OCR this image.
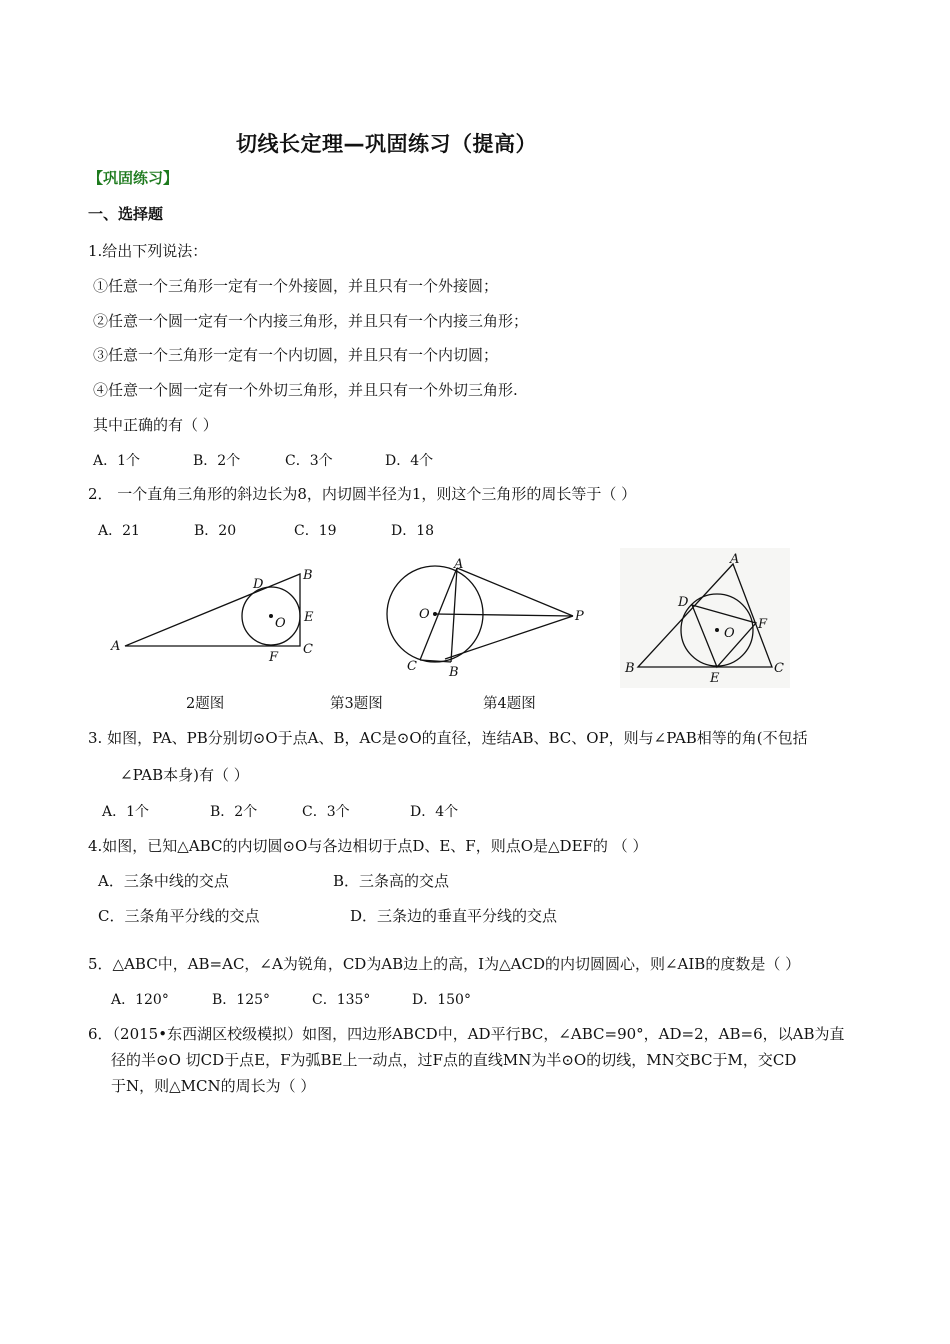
切线长定理—巩固练习（提高）
【巩固练习】
一、选择题
1.给出下列说法：
①任意一个三角形一定有一个外接圆，并且只有一个外接圆；
②任意一个圆一定有一个内接三角形，并且只有一个内接三角形；
③任意一个三角形一定有一个内切圆，并且只有一个内切圆；
④任意一个圆一定有一个外切三角形，并且只有一个外切三角形.
其中正确的有（ ）
A．1个	B．2个	C．3个	D．4个
2． 一个直角三角形的斜边长为8，内切圆半径为1，则这个三角形的周长等于（ ）
A．21	B．20	C．19	D．18
A
B
C
D
E
F
O
A
B
C
O	P
A
B	C
D
E
F
O
2题图	第3题图	第4题图
3. 如图，PA、PB分别切⊙O于点A、B，AC是⊙O的直径，连结AB、BC、OP，则与∠PAB相等的角(不包括
∠PAB本身)有（ ）
A．1个	B．2个	C．3个	D．4个
4.如图，已知△ABC的内切圆⊙O与各边相切于点D、E、F，则点O是△DEF的 （ ）
A．三条中线的交点	B．三条高的交点
C．三条角平分线的交点	D．三条边的垂直平分线的交点
5．△ABC中，AB=AC，∠A为锐角，CD为AB边上的高，I为△ACD的内切圆圆心，则∠AIB的度数是（ ）
A．120°	B．125°	C．135°	D．150°
6．（2015•东西湖区校级模拟）如图，四边形ABCD中，AD平行BC，∠ABC=90°，AD=2，AB=6，以AB为直
径的半⊙O 切CD于点E，F为弧BE上一动点，过F点的直线MN为半⊙O的切线，MN交BC于M，交CD
于N，则△MCN的周长为（ ）
